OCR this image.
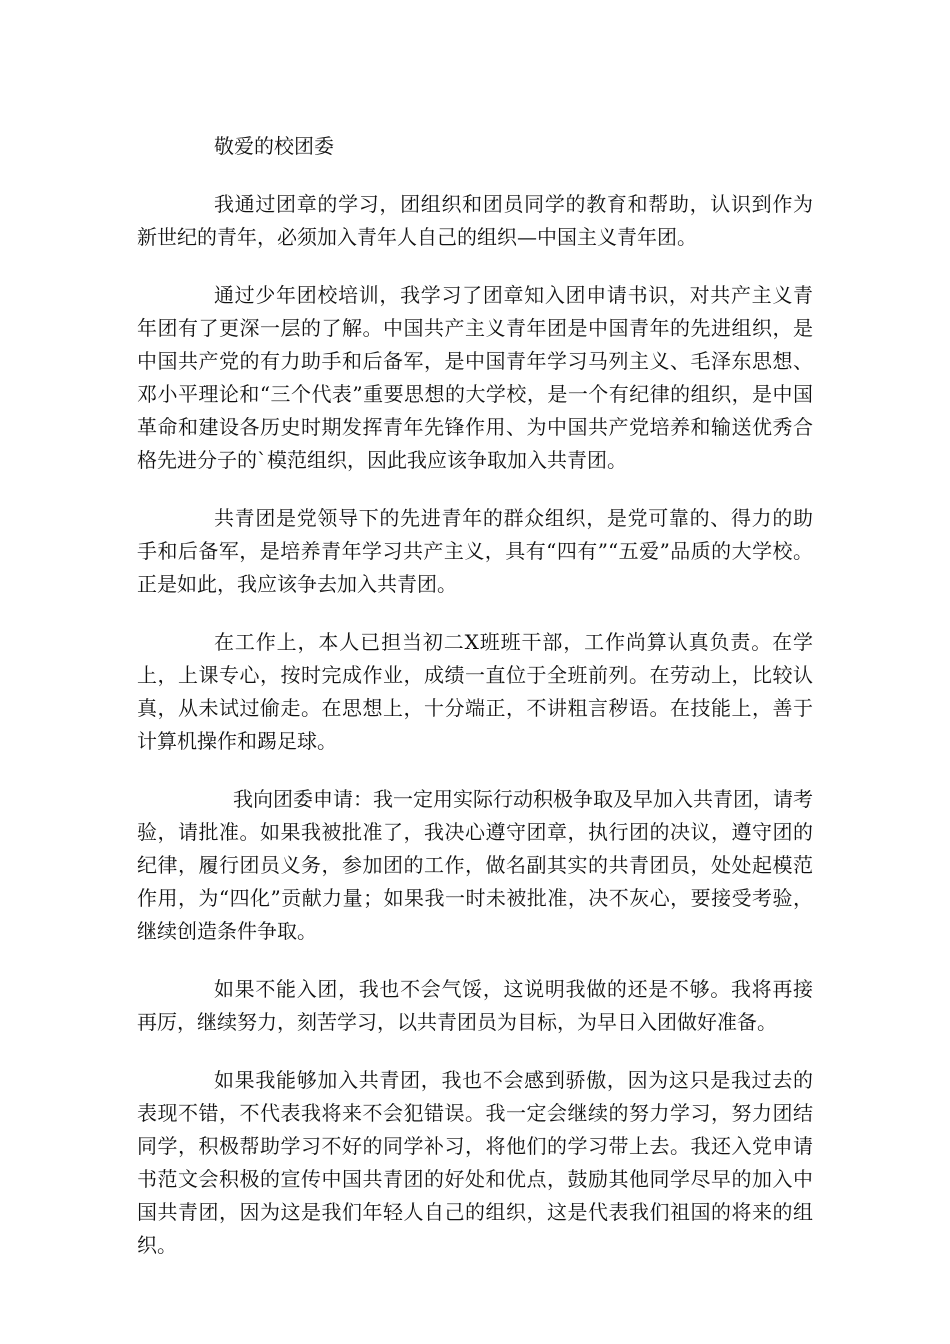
敬爱的校团委

我通过团章的学习，团组织和团员同学的教育和帮助，认识到作为新世纪的青年，必须加入青年人自己的组织—中国主义青年团。

通过少年团校培训，我学习了团章知入团申请书识，对共产主义青年团有了更深一层的了解。中国共产主义青年团是中国青年的先进组织，是中国共产党的有力助手和后备军，是中国青年学习马列主义、毛泽东思想、邓小平理论和“三个代表”重要思想的大学校，是一个有纪律的组织，是中国革命和建设各历史时期发挥青年先锋作用、为中国共产党培养和输送优秀合格先进分子的`模范组织，因此我应该争取加入共青团。

共青团是党领导下的先进青年的群众组织，是党可靠的、得力的助手和后备军，是培养青年学习共产主义，具有“四有”“五爱”品质的大学校。正是如此，我应该争去加入共青团。

在工作上，本人已担当初二X班班干部，工作尚算认真负责。在学上，上课专心，按时完成作业，成绩一直位于全班前列。在劳动上，比较认真，从未试过偷走。在思想上，十分端正，不讲粗言秽语。在技能上，善于计算机操作和踢足球。

我向团委申请：我一定用实际行动积极争取及早加入共青团，请考验，请批准。如果我被批准了，我决心遵守团章，执行团的决议，遵守团的纪律，履行团员义务，参加团的工作，做名副其实的共青团员，处处起模范作用，为“四化”贡献力量；如果我一时未被批准，决不灰心，要接受考验，继续创造条件争取。

如果不能入团，我也不会气馁，这说明我做的还是不够。我将再接再厉，继续努力，刻苦学习，以共青团员为目标，为早日入团做好准备。

如果我能够加入共青团，我也不会感到骄傲，因为这只是我过去的表现不错，不代表我将来不会犯错误。我一定会继续的努力学习，努力团结同学，积极帮助学习不好的同学补习，将他们的学习带上去。我还入党申请书范文会积极的宣传中国共青团的好处和优点，鼓励其他同学尽早的加入中国共青团，因为这是我们年轻人自己的组织，这是代表我们祖国的将来的组织。
